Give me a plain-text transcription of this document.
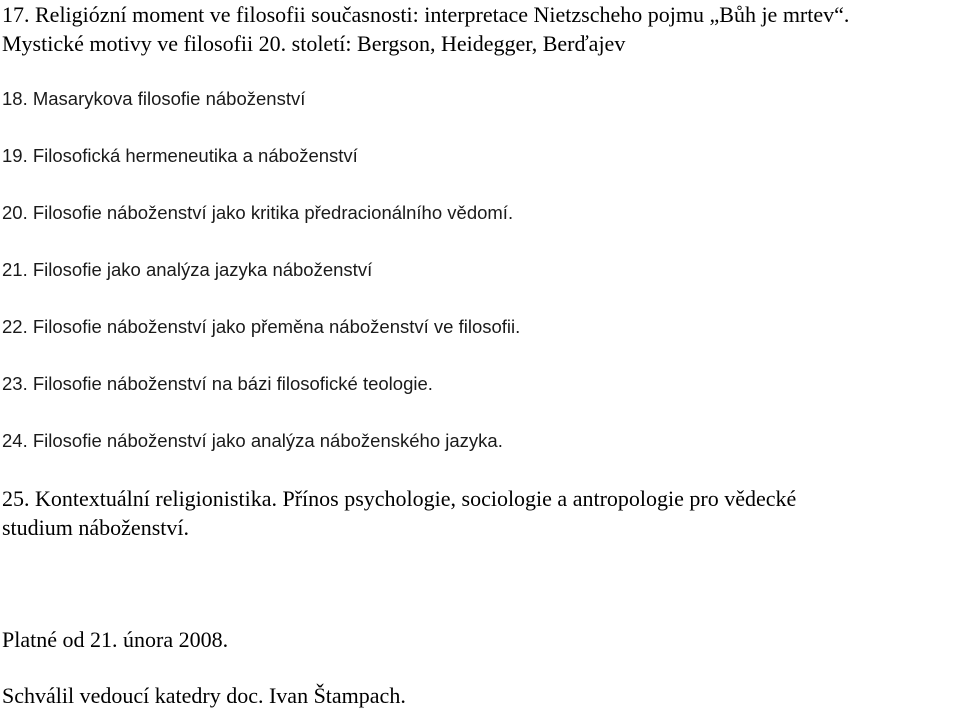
17. Religiózní moment ve filosofii současnosti: interpretace Nietzscheho pojmu „Bůh je mrtev“.
Mystické motivy ve filosofii 20. století: Bergson, Heidegger, Berďajev
18. Masarykova filosofie náboženství
19. Filosofická hermeneutika a náboženství
20. Filosofie náboženství jako kritika předracionálního vědomí.
21. Filosofie jako analýza jazyka náboženství
22. Filosofie náboženství jako přeměna náboženství ve filosofii.
23. Filosofie náboženství na bázi filosofické teologie.
24. Filosofie náboženství jako analýza náboženského jazyka.
25. Kontextuální religionistika. Přínos psychologie, sociologie a antropologie pro vědecké
studium náboženství.
Platné od 21. února 2008.
Schválil vedoucí katedry doc. Ivan Štampach.
